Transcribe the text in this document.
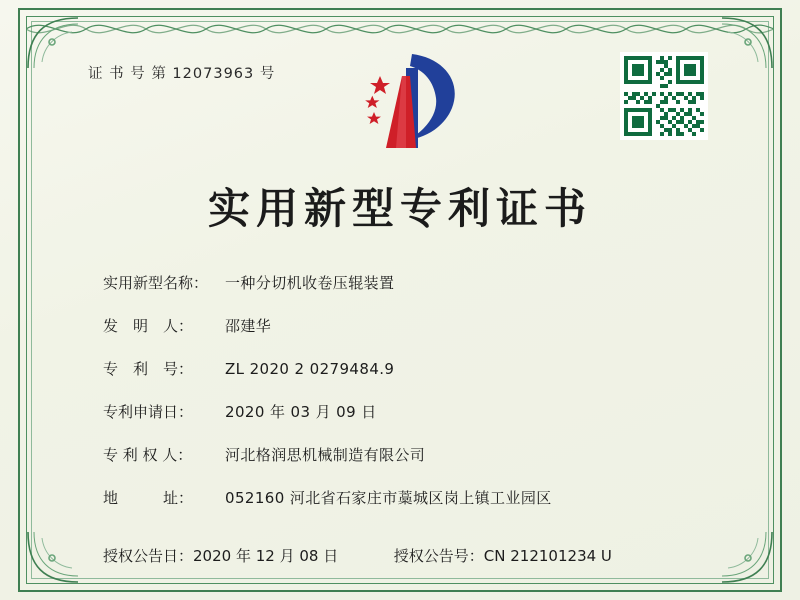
证 书 号 第 12073963 号
实用新型专利证书
实用新型名称：	一种分切机收卷压辊装置
发　明　人：	邵建华
专　利　号：	ZL 2020 2 0279484.9
专利申请日：	2020 年 03 月 09 日
专 利 权 人：	河北格润思机械制造有限公司
地　　　址：	052160 河北省石家庄市藁城区岗上镇工业园区
授权公告日：2020 年 12 月 08 日	授权公告号：CN 212101234 U
